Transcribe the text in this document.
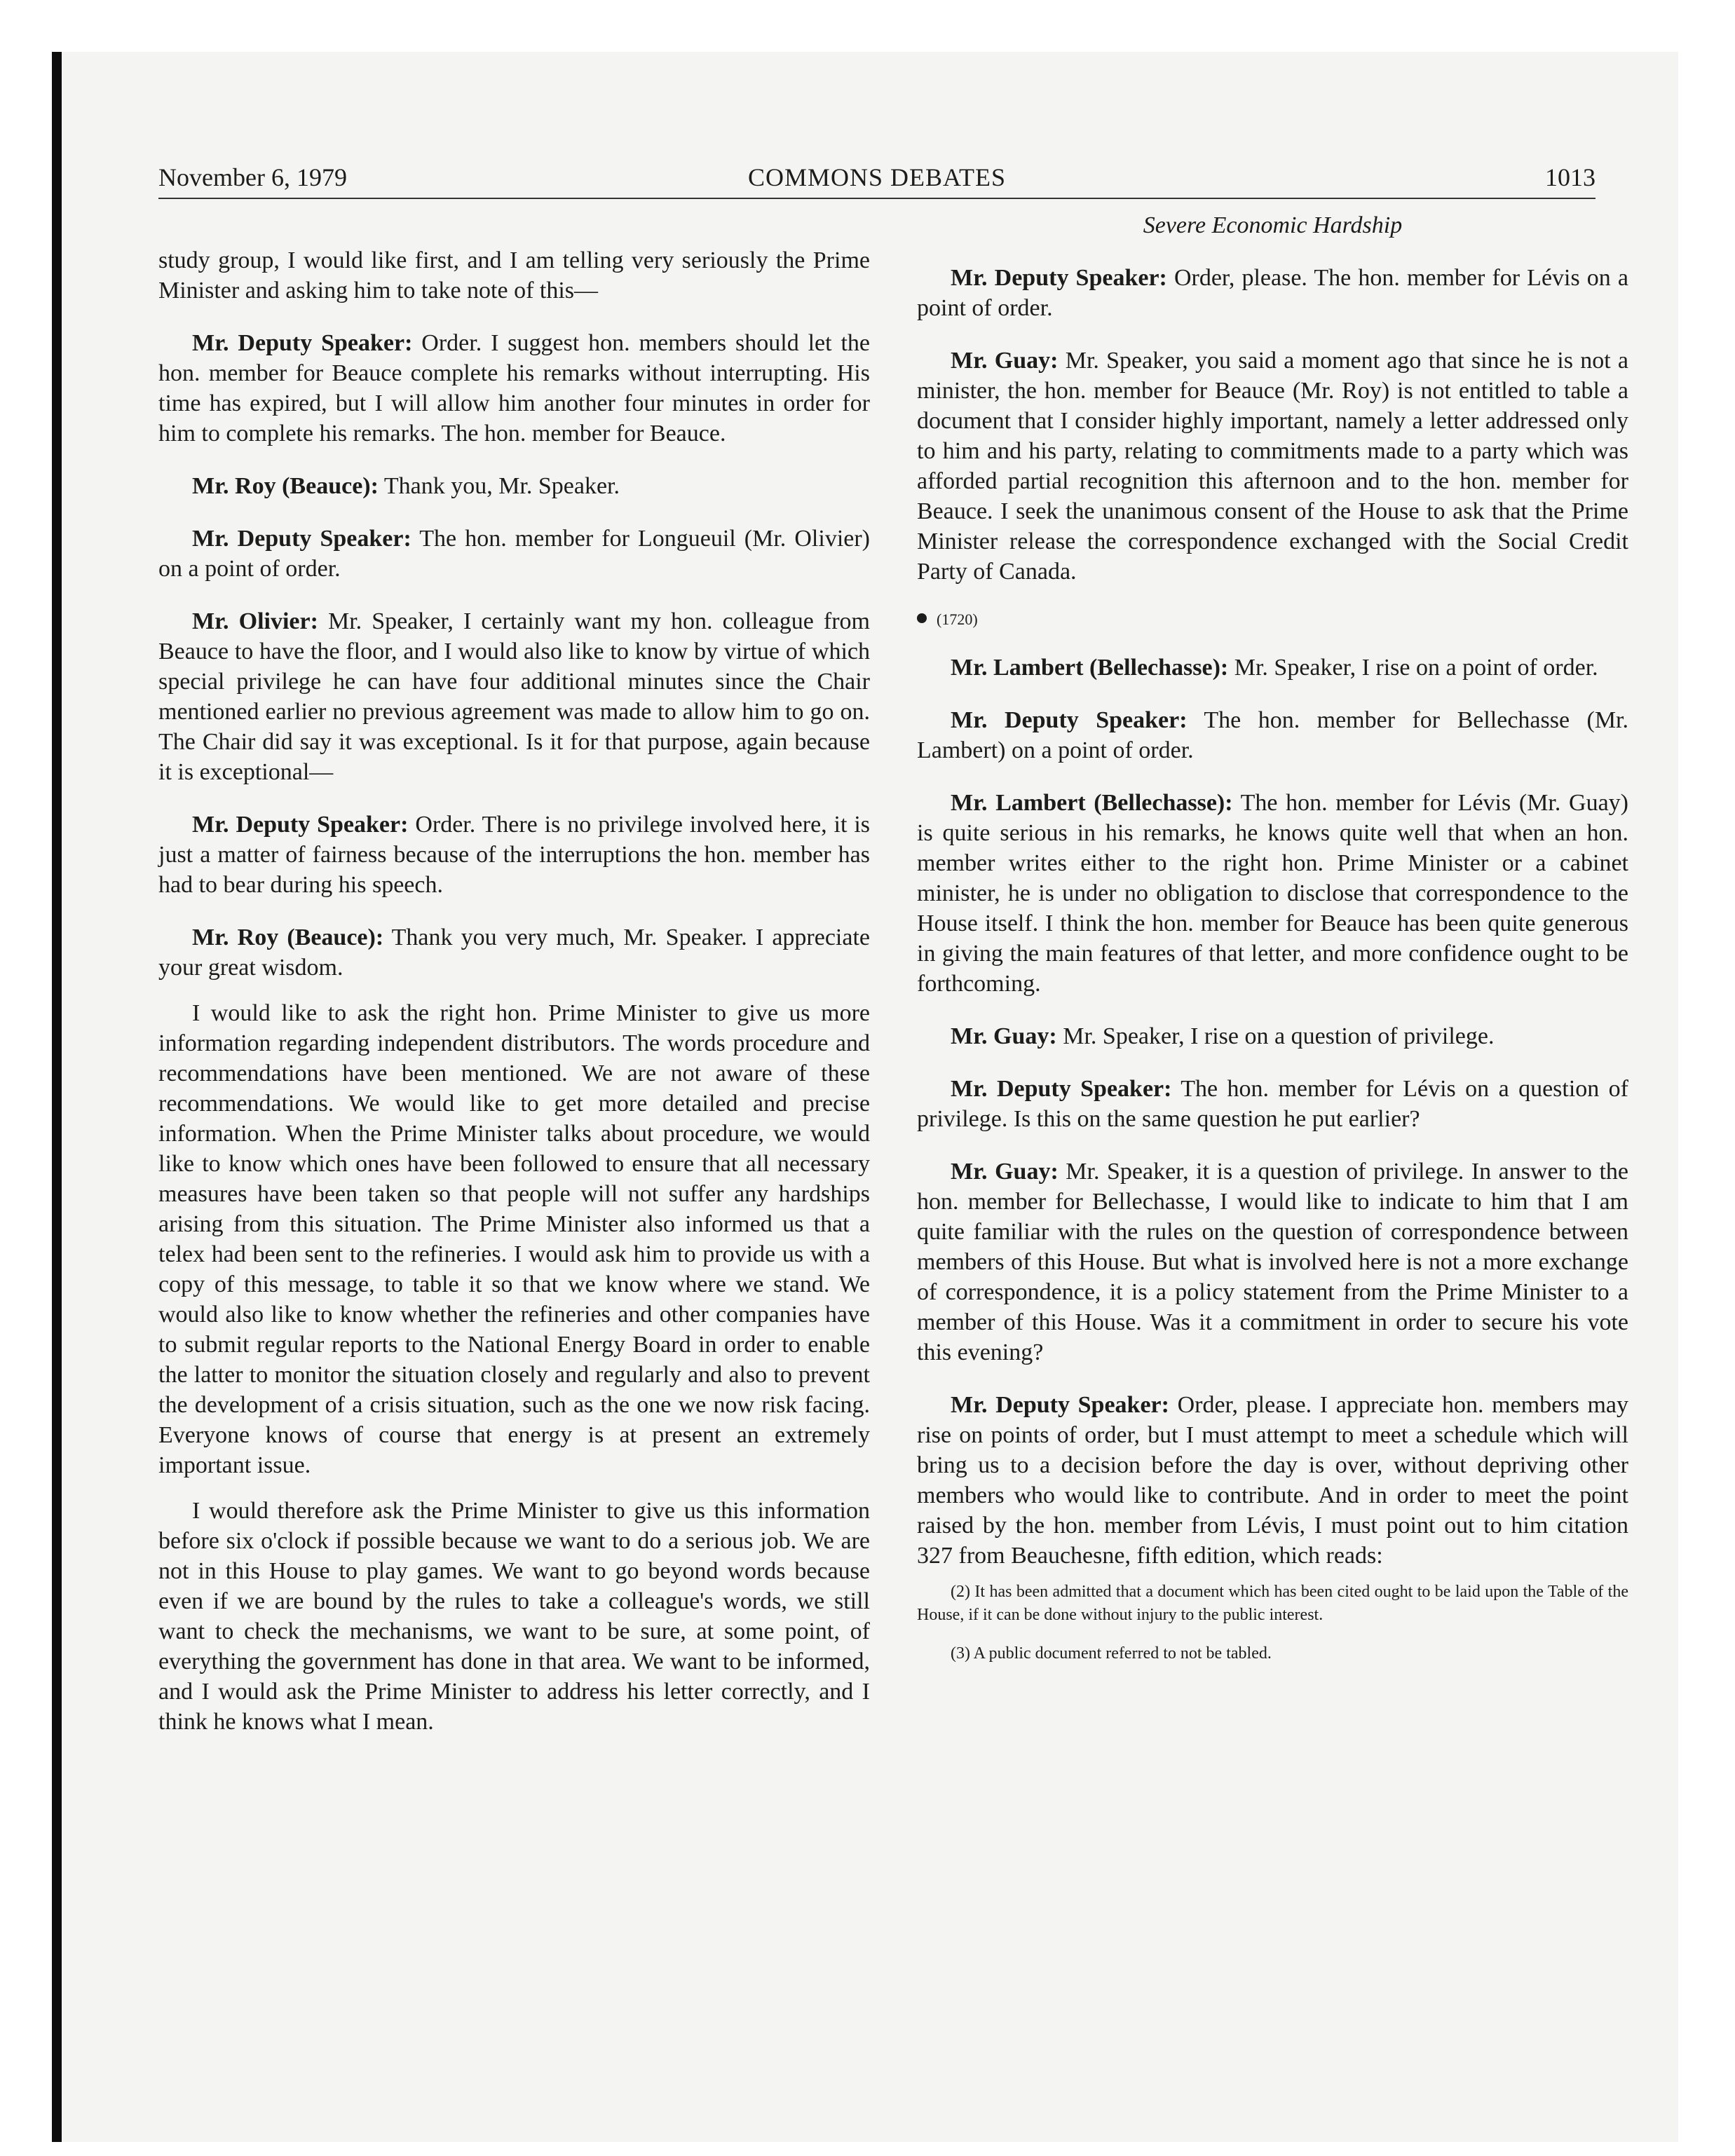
November 6, 1979	COMMONS DEBATES	1013

study group, I would like first, and I am telling very seriously the Prime Minister and asking him to take note of this—

Mr. Deputy Speaker: Order. I suggest hon. members should let the hon. member for Beauce complete his remarks without interrupting. His time has expired, but I will allow him another four minutes in order for him to complete his remarks. The hon. member for Beauce.

Mr. Roy (Beauce): Thank you, Mr. Speaker.

Mr. Deputy Speaker: The hon. member for Longueuil (Mr. Olivier) on a point of order.

Mr. Olivier: Mr. Speaker, I certainly want my hon. colleague from Beauce to have the floor, and I would also like to know by virtue of which special privilege he can have four additional minutes since the Chair mentioned earlier no previous agreement was made to allow him to go on. The Chair did say it was exceptional. Is it for that purpose, again because it is exceptional—

Mr. Deputy Speaker: Order. There is no privilege involved here, it is just a matter of fairness because of the interruptions the hon. member has had to bear during his speech.

Mr. Roy (Beauce): Thank you very much, Mr. Speaker. I appreciate your great wisdom.

I would like to ask the right hon. Prime Minister to give us more information regarding independent distributors. The words procedure and recommendations have been mentioned. We are not aware of these recommendations. We would like to get more detailed and precise information. When the Prime Minister talks about procedure, we would like to know which ones have been followed to ensure that all necessary measures have been taken so that people will not suffer any hardships arising from this situation. The Prime Minister also informed us that a telex had been sent to the refineries. I would ask him to provide us with a copy of this message, to table it so that we know where we stand. We would also like to know whether the refineries and other companies have to submit regular reports to the National Energy Board in order to enable the latter to monitor the situation closely and regularly and also to prevent the development of a crisis situation, such as the one we now risk facing. Everyone knows of course that energy is at present an extremely important issue.

I would therefore ask the Prime Minister to give us this information before six o'clock if possible because we want to do a serious job. We are not in this House to play games. We want to go beyond words because even if we are bound by the rules to take a colleague's words, we still want to check the mechanisms, we want to be sure, at some point, of everything the government has done in that area. We want to be informed, and I would ask the Prime Minister to address his letter correctly, and I think he knows what I mean.

Severe Economic Hardship

Mr. Deputy Speaker: Order, please. The hon. member for Lévis on a point of order.

Mr. Guay: Mr. Speaker, you said a moment ago that since he is not a minister, the hon. member for Beauce (Mr. Roy) is not entitled to table a document that I consider highly important, namely a letter addressed only to him and his party, relating to commitments made to a party which was afforded partial recognition this afternoon and to the hon. member for Beauce. I seek the unanimous consent of the House to ask that the Prime Minister release the correspondence exchanged with the Social Credit Party of Canada.

(1720)

Mr. Lambert (Bellechasse): Mr. Speaker, I rise on a point of order.

Mr. Deputy Speaker: The hon. member for Bellechasse (Mr. Lambert) on a point of order.

Mr. Lambert (Bellechasse): The hon. member for Lévis (Mr. Guay) is quite serious in his remarks, he knows quite well that when an hon. member writes either to the right hon. Prime Minister or a cabinet minister, he is under no obligation to disclose that correspondence to the House itself. I think the hon. member for Beauce has been quite generous in giving the main features of that letter, and more confidence ought to be forthcoming.

Mr. Guay: Mr. Speaker, I rise on a question of privilege.

Mr. Deputy Speaker: The hon. member for Lévis on a question of privilege. Is this on the same question he put earlier?

Mr. Guay: Mr. Speaker, it is a question of privilege. In answer to the hon. member for Bellechasse, I would like to indicate to him that I am quite familiar with the rules on the question of correspondence between members of this House. But what is involved here is not a more exchange of correspondence, it is a policy statement from the Prime Minister to a member of this House. Was it a commitment in order to secure his vote this evening?

Mr. Deputy Speaker: Order, please. I appreciate hon. members may rise on points of order, but I must attempt to meet a schedule which will bring us to a decision before the day is over, without depriving other members who would like to contribute. And in order to meet the point raised by the hon. member from Lévis, I must point out to him citation 327 from Beauchesne, fifth edition, which reads:

(2) It has been admitted that a document which has been cited ought to be laid upon the Table of the House, if it can be done without injury to the public interest.

(3) A public document referred to not be tabled.
